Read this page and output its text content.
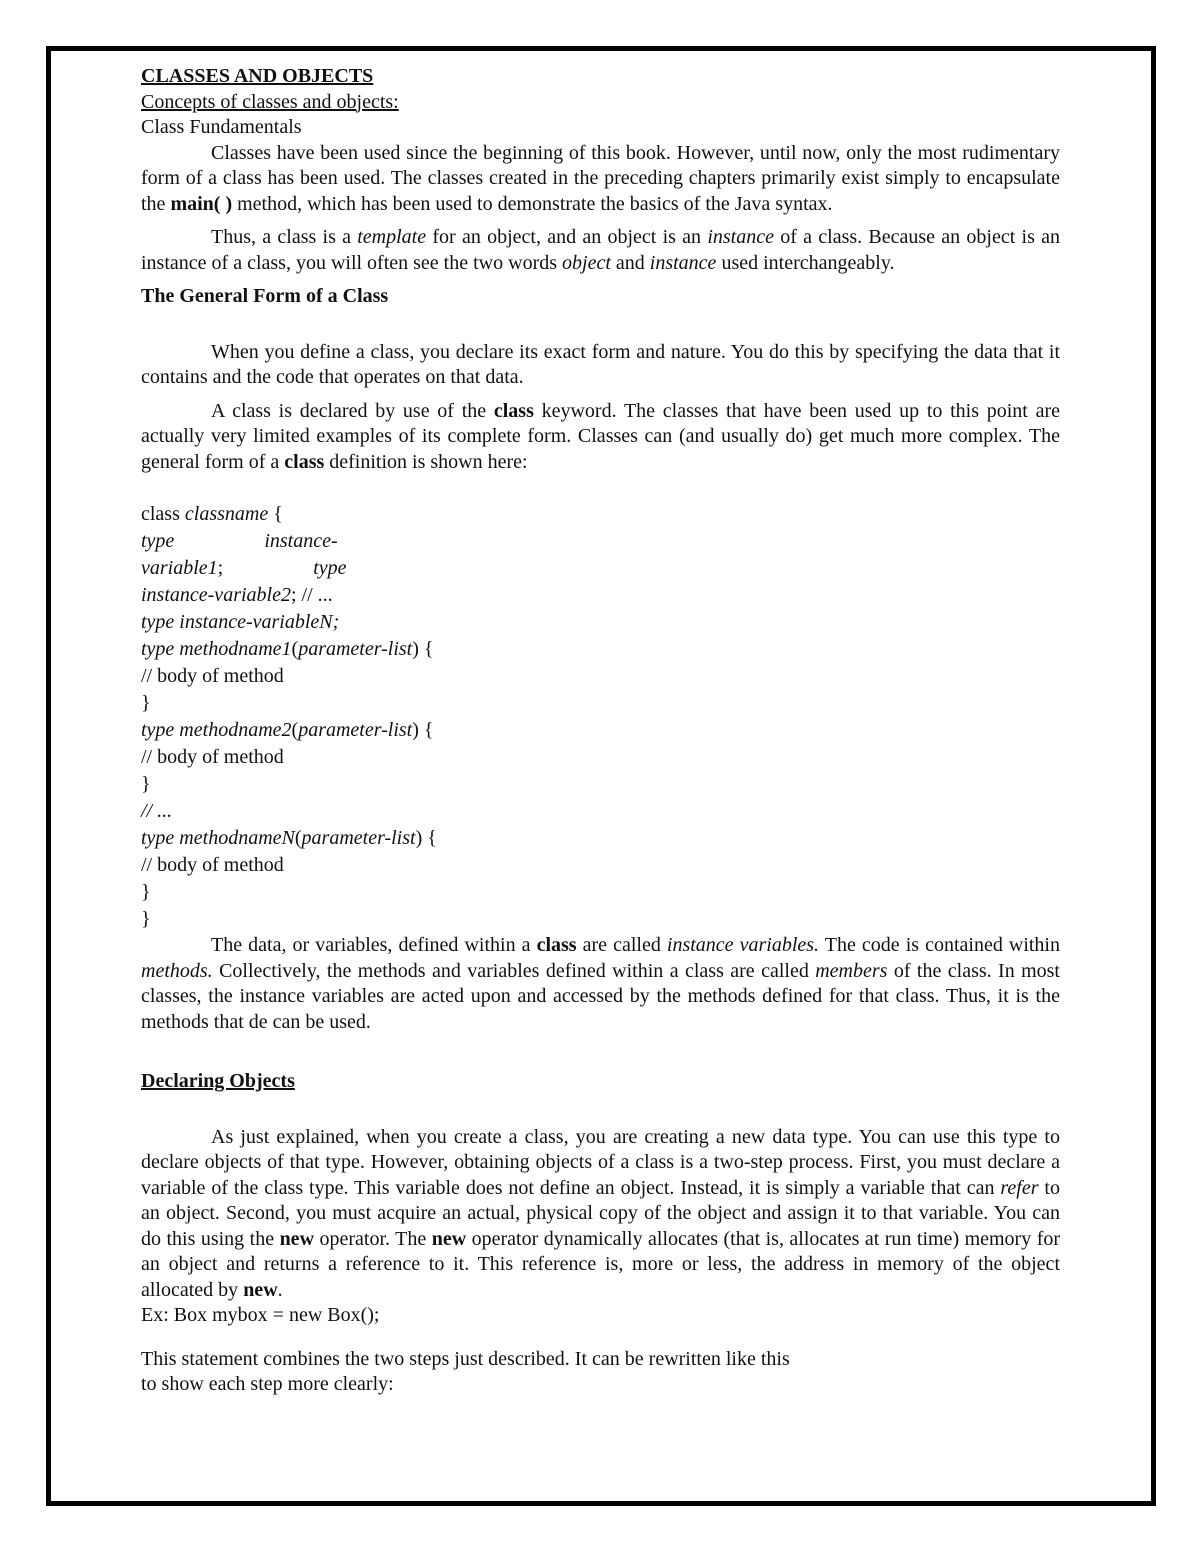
CLASSES AND OBJECTS
Concepts of classes and objects:
Class Fundamentals

Classes have been used since the beginning of this book. However, until now, only the most rudimentary form of a class has been used. The classes created in the preceding chapters primarily exist simply to encapsulate the main( ) method, which has been used to demonstrate the basics of the Java syntax.

Thus, a class is a template for an object, and an object is an instance of a class. Because an object is an instance of a class, you will often see the two words object and instance used interchangeably.

The General Form of a Class

When you define a class, you declare its exact form and nature. You do this by specifying the data that it contains and the code that operates on that data.

A class is declared by use of the class keyword. The classes that have been used up to this point are actually very limited examples of its complete form. Classes can (and usually do) get much more complex. The general form of a class definition is shown here:

class classname {
type	instance-
variable1;	type
instance-variable2; // ...
type instance-variableN;
type methodname1(parameter-list) {
// body of method
}
type methodname2(parameter-list) {
// body of method
}
// ...
type methodnameN(parameter-list) {
// body of method
}
}

The data, or variables, defined within a class are called instance variables. The code is contained within methods. Collectively, the methods and variables defined within a class are called members of the class. In most classes, the instance variables are acted upon and accessed by the methods defined for that class. Thus, it is the methods that de can be used.

Declaring Objects

As just explained, when you create a class, you are creating a new data type. You can use this type to declare objects of that type. However, obtaining objects of a class is a two-step process. First, you must declare a variable of the class type. This variable does not define an object. Instead, it is simply a variable that can refer to an object. Second, you must acquire an actual, physical copy of the object and assign it to that variable. You can do this using the new operator. The new operator dynamically allocates (that is, allocates at run time) memory for an object and returns a reference to it. This reference is, more or less, the address in memory of the object allocated by new.

Ex: Box mybox = new Box();
This statement combines the two steps just described. It can be rewritten like this
to show each step more clearly:
